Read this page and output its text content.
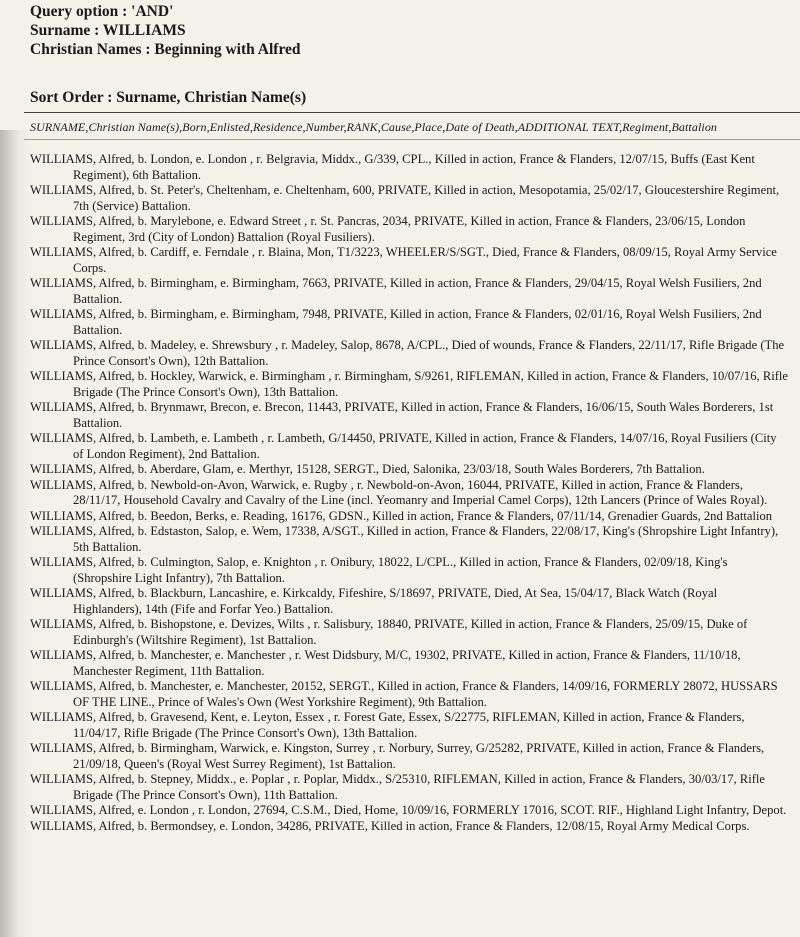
Query option : 'AND'
Surname : WILLIAMS
Christian Names : Beginning with Alfred
Sort Order : Surname, Christian Name(s)
SURNAME,Christian Name(s),Born,Enlisted,Residence,Number,RANK,Cause,Place,Date of Death,ADDITIONAL TEXT,Regiment,Battalion
WILLIAMS, Alfred, b. London, e. London , r. Belgravia, Middx., G/339, CPL., Killed in action, France & Flanders, 12/07/15, Buffs (East Kent Regiment), 6th Battalion.
WILLIAMS, Alfred, b. St. Peter's, Cheltenham, e. Cheltenham, 600, PRIVATE, Killed in action, Mesopotamia, 25/02/17, Gloucestershire Regiment, 7th (Service) Battalion.
WILLIAMS, Alfred, b. Marylebone, e. Edward Street , r. St. Pancras, 2034, PRIVATE, Killed in action, France & Flanders, 23/06/15, London Regiment, 3rd (City of London) Battalion (Royal Fusiliers).
WILLIAMS, Alfred, b. Cardiff, e. Ferndale , r. Blaina, Mon, T1/3223, WHEELER/S/SGT., Died, France & Flanders, 08/09/15, Royal Army Service Corps.
WILLIAMS, Alfred, b. Birmingham, e. Birmingham, 7663, PRIVATE, Killed in action, France & Flanders, 29/04/15, Royal Welsh Fusiliers, 2nd Battalion.
WILLIAMS, Alfred, b. Birmingham, e. Birmingham, 7948, PRIVATE, Killed in action, France & Flanders, 02/01/16, Royal Welsh Fusiliers, 2nd Battalion.
WILLIAMS, Alfred, b. Madeley, e. Shrewsbury , r. Madeley, Salop, 8678, A/CPL., Died of wounds, France & Flanders, 22/11/17, Rifle Brigade (The Prince Consort's Own), 12th Battalion.
WILLIAMS, Alfred, b. Hockley, Warwick, e. Birmingham , r. Birmingham, S/9261, RIFLEMAN, Killed in action, France & Flanders, 10/07/16, Rifle Brigade (The Prince Consort's Own), 13th Battalion.
WILLIAMS, Alfred, b. Brynmawr, Brecon, e. Brecon, 11443, PRIVATE, Killed in action, France & Flanders, 16/06/15, South Wales Borderers, 1st Battalion.
WILLIAMS, Alfred, b. Lambeth, e. Lambeth , r. Lambeth, G/14450, PRIVATE, Killed in action, France & Flanders, 14/07/16, Royal Fusiliers (City of London Regiment), 2nd Battalion.
WILLIAMS, Alfred, b. Aberdare, Glam, e. Merthyr, 15128, SERGT., Died, Salonika, 23/03/18, South Wales Borderers, 7th Battalion.
WILLIAMS, Alfred, b. Newbold-on-Avon, Warwick, e. Rugby , r. Newbold-on-Avon, 16044, PRIVATE, Killed in action, France & Flanders, 28/11/17, Household Cavalry and Cavalry of the Line (incl. Yeomanry and Imperial Camel Corps), 12th Lancers (Prince of Wales Royal).
WILLIAMS, Alfred, b. Beedon, Berks, e. Reading, 16176, GDSN., Killed in action, France & Flanders, 07/11/14, Grenadier Guards, 2nd Battalion
WILLIAMS, Alfred, b. Edstaston, Salop, e. Wem, 17338, A/SGT., Killed in action, France & Flanders, 22/08/17, King's (Shropshire Light Infantry), 5th Battalion.
WILLIAMS, Alfred, b. Culmington, Salop, e. Knighton , r. Onibury, 18022, L/CPL., Killed in action, France & Flanders, 02/09/18, King's (Shropshire Light Infantry), 7th Battalion.
WILLIAMS, Alfred, b. Blackburn, Lancashire, e. Kirkcaldy, Fifeshire, S/18697, PRIVATE, Died, At Sea, 15/04/17, Black Watch (Royal Highlanders), 14th (Fife and Forfar Yeo.) Battalion.
WILLIAMS, Alfred, b. Bishopstone, e. Devizes, Wilts , r. Salisbury, 18840, PRIVATE, Killed in action, France & Flanders, 25/09/15, Duke of Edinburgh's (Wiltshire Regiment), 1st Battalion.
WILLIAMS, Alfred, b. Manchester, e. Manchester , r. West Didsbury, M/C, 19302, PRIVATE, Killed in action, France & Flanders, 11/10/18, Manchester Regiment, 11th Battalion.
WILLIAMS, Alfred, b. Manchester, e. Manchester, 20152, SERGT., Killed in action, France & Flanders, 14/09/16, FORMERLY 28072, HUSSARS OF THE LINE., Prince of Wales's Own (West Yorkshire Regiment), 9th Battalion.
WILLIAMS, Alfred, b. Gravesend, Kent, e. Leyton, Essex , r. Forest Gate, Essex, S/22775, RIFLEMAN, Killed in action, France & Flanders, 11/04/17, Rifle Brigade (The Prince Consort's Own), 13th Battalion.
WILLIAMS, Alfred, b. Birmingham, Warwick, e. Kingston, Surrey , r. Norbury, Surrey, G/25282, PRIVATE, Killed in action, France & Flanders, 21/09/18, Queen's (Royal West Surrey Regiment), 1st Battalion.
WILLIAMS, Alfred, b. Stepney, Middx., e. Poplar , r. Poplar, Middx., S/25310, RIFLEMAN, Killed in action, France & Flanders, 30/03/17, Rifle Brigade (The Prince Consort's Own), 11th Battalion.
WILLIAMS, Alfred, e. London , r. London, 27694, C.S.M., Died, Home, 10/09/16, FORMERLY 17016, SCOT. RIF., Highland Light Infantry, Depot.
WILLIAMS, Alfred, b. Bermondsey, e. London, 34286, PRIVATE, Killed in action, France & Flanders, 12/08/15, Royal Army Medical Corps.
